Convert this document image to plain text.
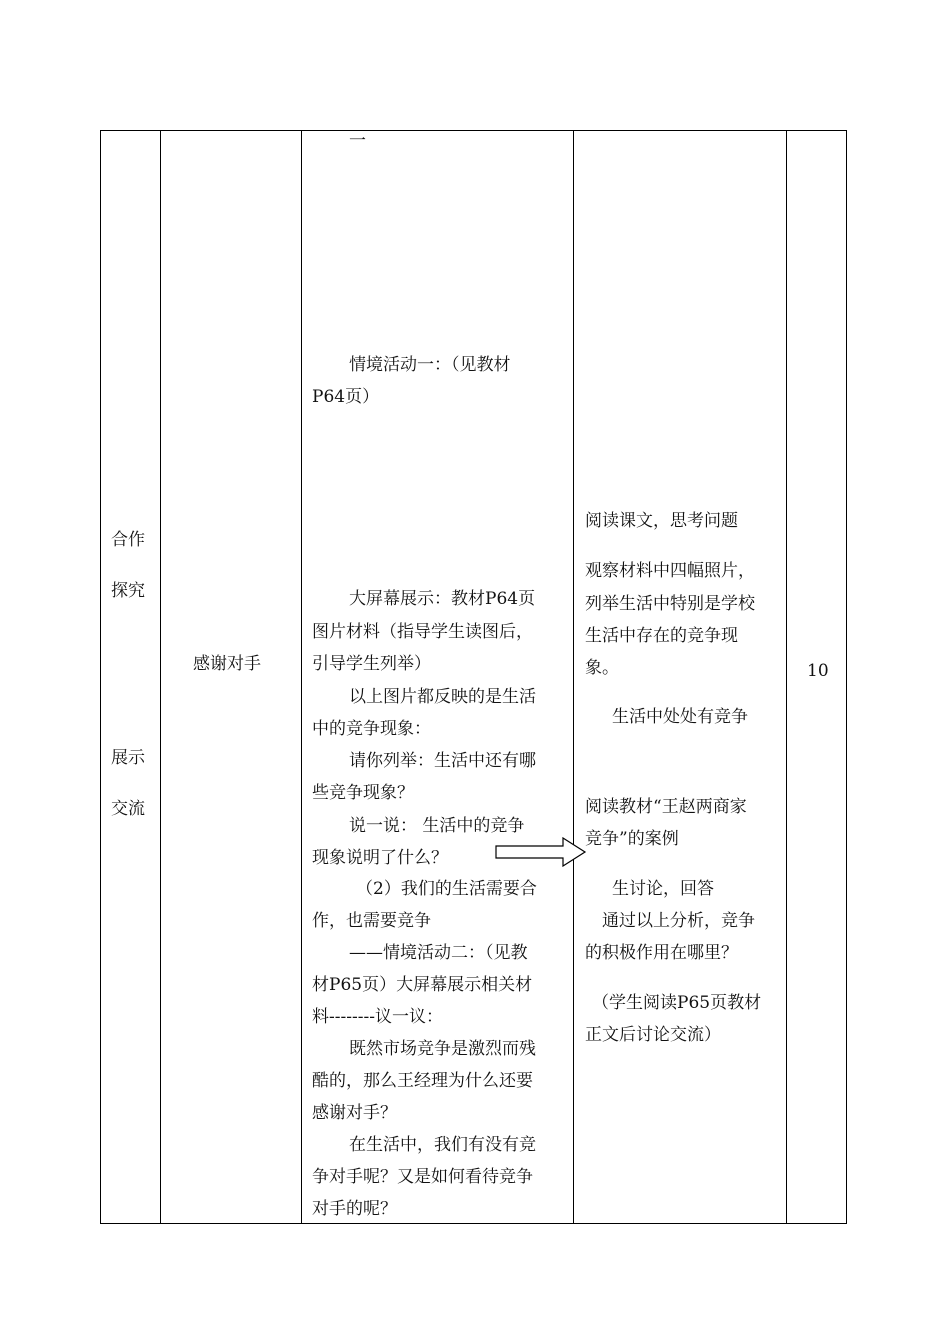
合作
探究
展示
交流
感谢对手
一
情境活动一：（见教材
P64页）
大屏幕展示：教材P64页
图片材料（指导学生读图后，
引导学生列举）
以上图片都反映的是生活
中的竞争现象：
请你列举：生活中还有哪
些竞争现象？
说一说： 生活中的竞争
现象说明了什么？
（2）我们的生活需要合
作，也需要竞争
——情境活动二：（见教
材P65页）大屏幕展示相关材
料--------议一议：
既然市场竞争是激烈而残
酷的，那么王经理为什么还要
感谢对手？
在生活中，我们有没有竞
争对手呢？又是如何看待竞争
对手的呢？
阅读课文，思考问题
观察材料中四幅照片，
列举生活中特别是学校
生活中存在的竞争现
象。
生活中处处有竞争
阅读教材“王赵两商家
竞争”的案例
生讨论，回答
通过以上分析，竞争
的积极作用在哪里？
（学生阅读P65页教材
正文后讨论交流）
10
